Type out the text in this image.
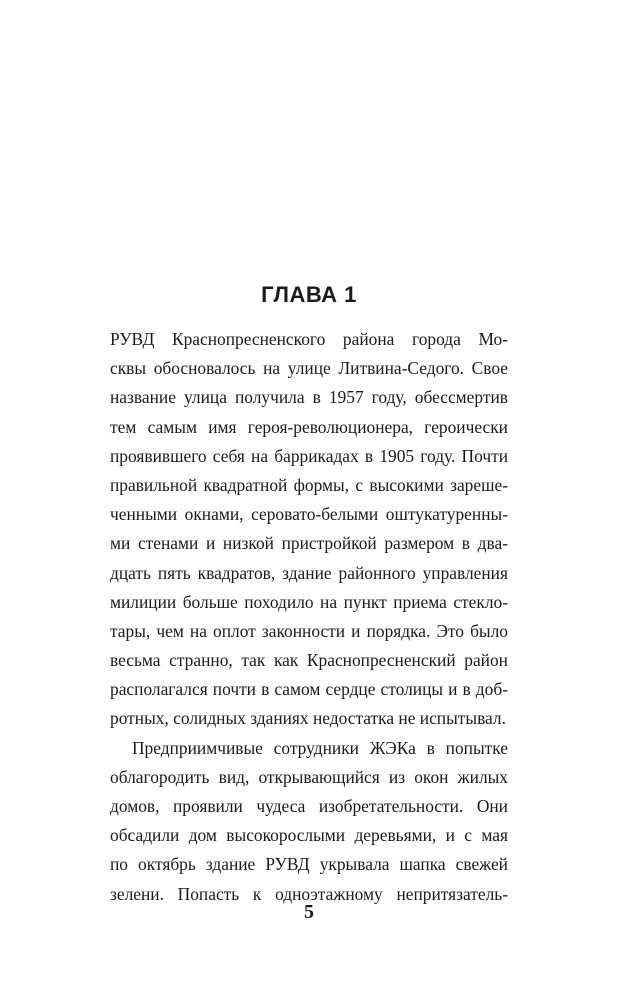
ГЛАВА 1
РУВД Краснопресненского района города Мо-
сквы обосновалось на улице Литвина-Седого. Свое
название улица получила в 1957 году, обессмертив
тем самым имя героя-революционера, героически
проявившего себя на баррикадах в 1905 году. Почти
правильной квадратной формы, с высокими зареше-
ченными окнами, серовато-белыми оштукатуренны-
ми стенами и низкой пристройкой размером в два-
дцать пять квадратов, здание районного управления
милиции больше походило на пункт приема стекло-
тары, чем на оплот законности и порядка. Это было
весьма странно, так как Краснопресненский район
располагался почти в самом сердце столицы и в доб-
ротных, солидных зданиях недостатка не испытывал.
Предприимчивые сотрудники ЖЭКа в попытке
облагородить вид, открывающийся из окон жилых
домов, проявили чудеса изобретательности. Они
обсадили дом высокорослыми деревьями, и с мая
по октябрь здание РУВД укрывала шапка свежей
зелени. Попасть к одноэтажному непритязатель-
5
